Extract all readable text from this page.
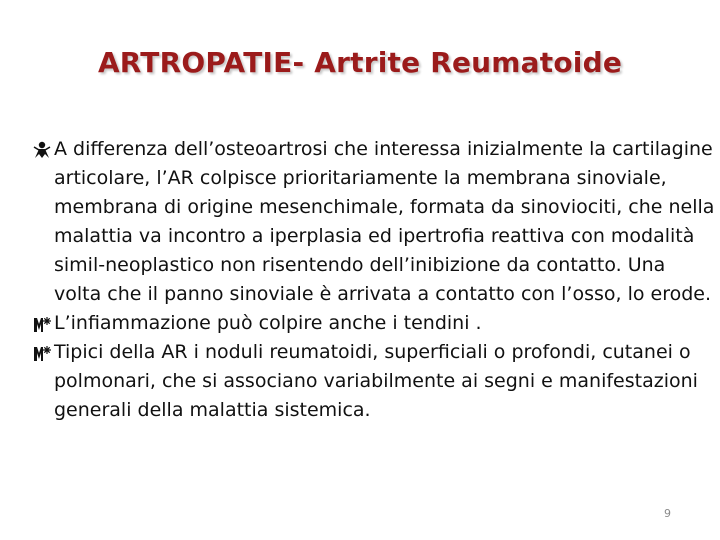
ARTROPATIE- Artrite Reumatoide

A differenza dell’osteoartrosi che interessa inizialmente la cartilagine articolare, l’AR colpisce prioritariamente la membrana sinoviale, membrana di origine mesenchimale, formata da sinoviociti, che nella malattia va incontro a iperplasia ed ipertrofia reattiva con modalità simil-neoplastico non risentendo dell’inibizione da contatto. Una volta che il panno sinoviale è arrivata a contatto con l’osso, lo erode.

L’infiammazione può colpire anche i tendini .

Tipici della AR i noduli reumatoidi, superficiali o profondi, cutanei o polmonari, che si associano variabilmente ai segni e manifestazioni generali della malattia sistemica.

9
